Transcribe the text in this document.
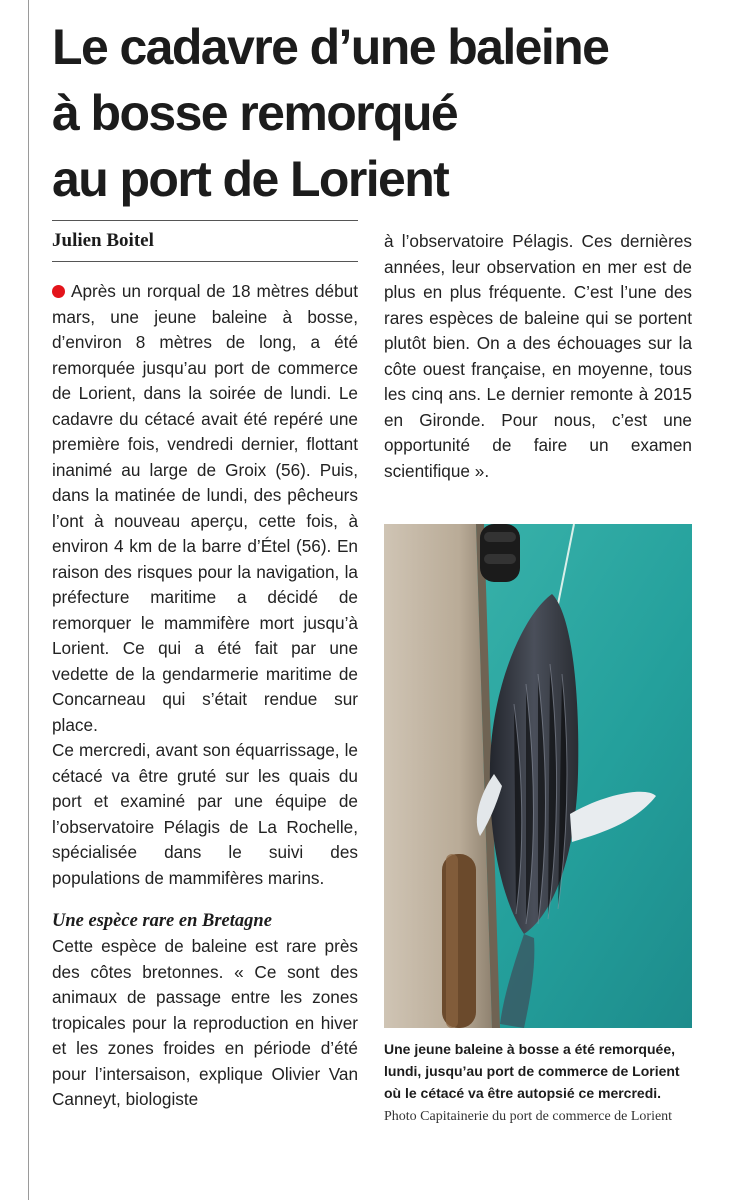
Le cadavre d’une baleine
à bosse remorqué
au port de Lorient
Julien Boitel

Après un rorqual de 18 mètres début mars, une jeune baleine à bosse, d’environ 8 mètres de long, a été remorquée jusqu’au port de commerce de Lorient, dans la soirée de lundi. Le cadavre du cétacé avait été repéré une première fois, vendredi dernier, flottant inanimé au large de Groix (56). Puis, dans la matinée de lundi, des pêcheurs l’ont à nouveau aperçu, cette fois, à environ 4 km de la barre d’Étel (56). En raison des risques pour la navigation, la préfecture maritime a décidé de remorquer le mammifère mort jusqu’à Lorient. Ce qui a été fait par une vedette de la gendarmerie maritime de Concarneau qui s’était rendue sur place.

Ce mercredi, avant son équarrissage, le cétacé va être gruté sur les quais du port et examiné par une équipe de l’observatoire Pélagis de La Rochelle, spécialisée dans le suivi des populations de mammifères marins.

Une espèce rare en Bretagne

Cette espèce de baleine est rare près des côtes bretonnes. « Ce sont des animaux de passage entre les zones tropicales pour la reproduction en hiver et les zones froides en période d’été pour l’intersaison, explique Olivier Van Canneyt, biologiste

à l’observatoire Pélagis. Ces dernières années, leur observation en mer est de plus en plus fréquente. C’est l’une des rares espèces de baleine qui se portent plutôt bien. On a des échouages sur la côte ouest française, en moyenne, tous les cinq ans. Le dernier remonte à 2015 en Gironde. Pour nous, c’est une opportunité de faire un examen scientifique ».

Une jeune baleine à bosse a été remorquée, lundi, jusqu’au port de commerce de Lorient où le cétacé va être autopsié ce mercredi. Photo Capitainerie du port de commerce de Lorient
